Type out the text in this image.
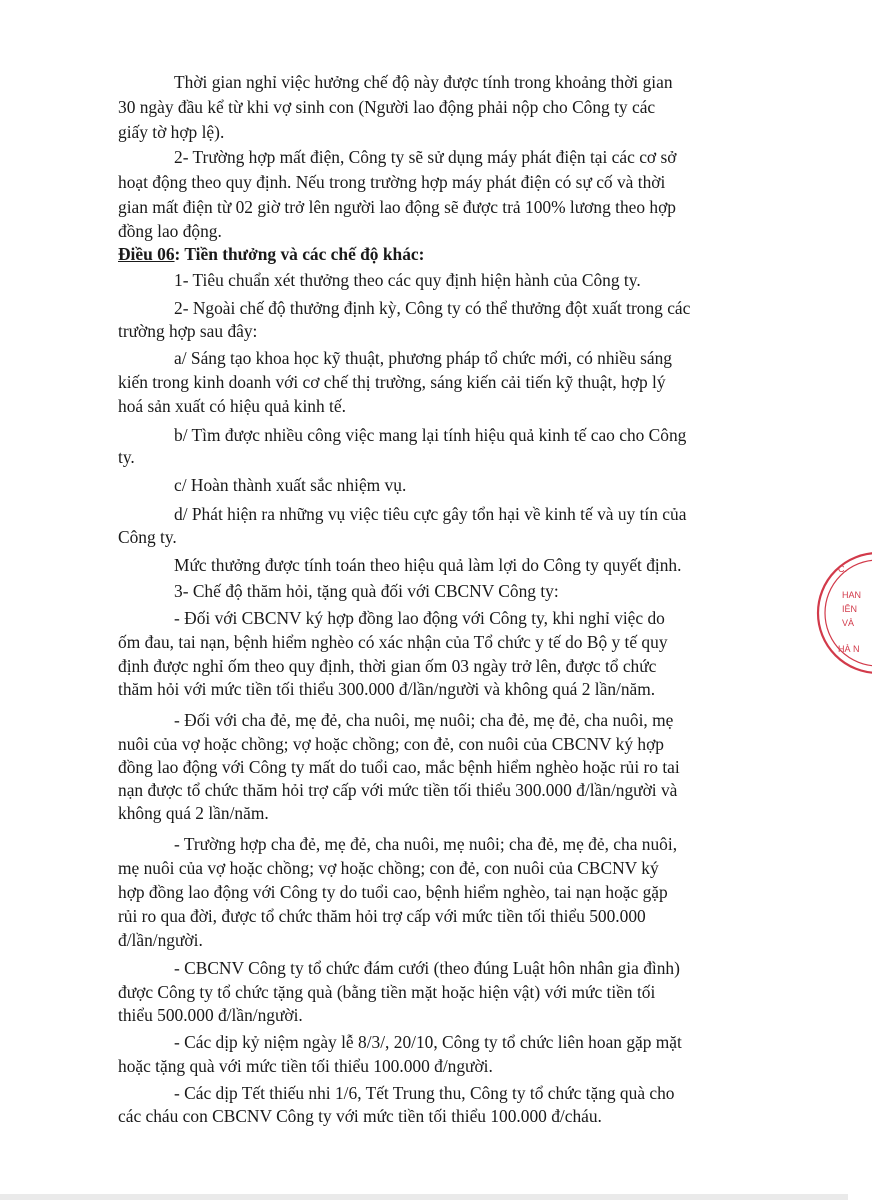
Thời gian nghỉ việc hưởng chế độ này được tính trong khoảng thời gian
30 ngày đầu kể từ khi vợ sinh con (Người lao động phải nộp cho Công ty các
giấy tờ hợp lệ).
2- Trường hợp mất điện, Công ty sẽ sử dụng máy phát điện tại các cơ sở
hoạt động theo quy định. Nếu trong trường hợp máy phát điện có sự cố và thời
gian mất điện từ 02 giờ trở lên người lao động sẽ được trả 100% lương theo hợp
đồng lao động.
Điều 06: Tiền thưởng và các chế độ khác:
1- Tiêu chuẩn xét thưởng theo các quy định hiện hành của Công ty.
2- Ngoài chế độ thưởng định kỳ, Công ty có thể thưởng đột xuất trong các
trường hợp sau đây:
a/ Sáng tạo khoa học kỹ thuật, phương pháp tổ chức mới, có nhiều sáng
kiến trong kinh doanh với cơ chế thị trường, sáng kiến cải tiến kỹ thuật, hợp lý
hoá sản xuất có hiệu quả kinh tế.
b/ Tìm được nhiều công việc mang lại tính hiệu quả kinh tế cao cho Công
ty.
c/ Hoàn thành xuất sắc nhiệm vụ.
d/ Phát hiện ra những vụ việc tiêu cực gây tổn hại về kinh tế và uy tín của
Công ty.
Mức thưởng được tính toán theo hiệu quả làm lợi do Công ty quyết định.
3- Chế độ thăm hỏi, tặng quà đối với CBCNV Công ty:
- Đối với CBCNV ký hợp đồng lao động với Công ty, khi nghỉ việc do
ốm đau, tai nạn, bệnh hiểm nghèo có xác nhận của Tổ chức y tế do Bộ y tế quy
định được nghỉ ốm theo quy định, thời gian ốm 03 ngày trở lên, được tổ chức
thăm hỏi với mức tiền tối thiểu 300.000 đ/lần/người và không quá 2 lần/năm.
- Đối với cha đẻ, mẹ đẻ, cha nuôi, mẹ nuôi; cha đẻ, mẹ đẻ, cha nuôi, mẹ
nuôi của vợ hoặc chồng; vợ hoặc chồng; con đẻ, con nuôi của CBCNV ký hợp
đồng lao động với Công ty mất do tuổi cao, mắc bệnh hiểm nghèo hoặc rủi ro tai
nạn được tổ chức thăm hỏi trợ cấp với mức tiền tối thiểu 300.000 đ/lần/người và
không quá 2 lần/năm.
- Trường hợp cha đẻ, mẹ đẻ, cha nuôi, mẹ nuôi; cha đẻ, mẹ đẻ, cha nuôi,
mẹ nuôi của vợ hoặc chồng; vợ hoặc chồng; con đẻ, con nuôi của CBCNV ký
hợp đồng lao động với Công ty do tuổi cao, bệnh hiểm nghèo, tai nạn hoặc gặp
rủi ro qua đời, được tổ chức thăm hỏi trợ cấp với mức tiền tối thiểu 500.000
đ/lần/người.
- CBCNV Công ty tổ chức đám cưới (theo đúng Luật hôn nhân gia đình)
được Công ty tổ chức tặng quà (bằng tiền mặt hoặc hiện vật) với mức tiền tối
thiểu 500.000 đ/lần/người.
- Các dịp kỷ niệm ngày lễ 8/3/, 20/10, Công ty tổ chức liên hoan gặp mặt
hoặc tặng quà với mức tiền tối thiểu 100.000 đ/người.
- Các dịp Tết thiếu nhi 1/6, Tết Trung thu, Công ty tổ chức tặng quà cho
các cháu con CBCNV Công ty với mức tiền tối thiểu 100.000 đ/cháu.
C.
HAN
IÊN
VÀ
HÀ N
